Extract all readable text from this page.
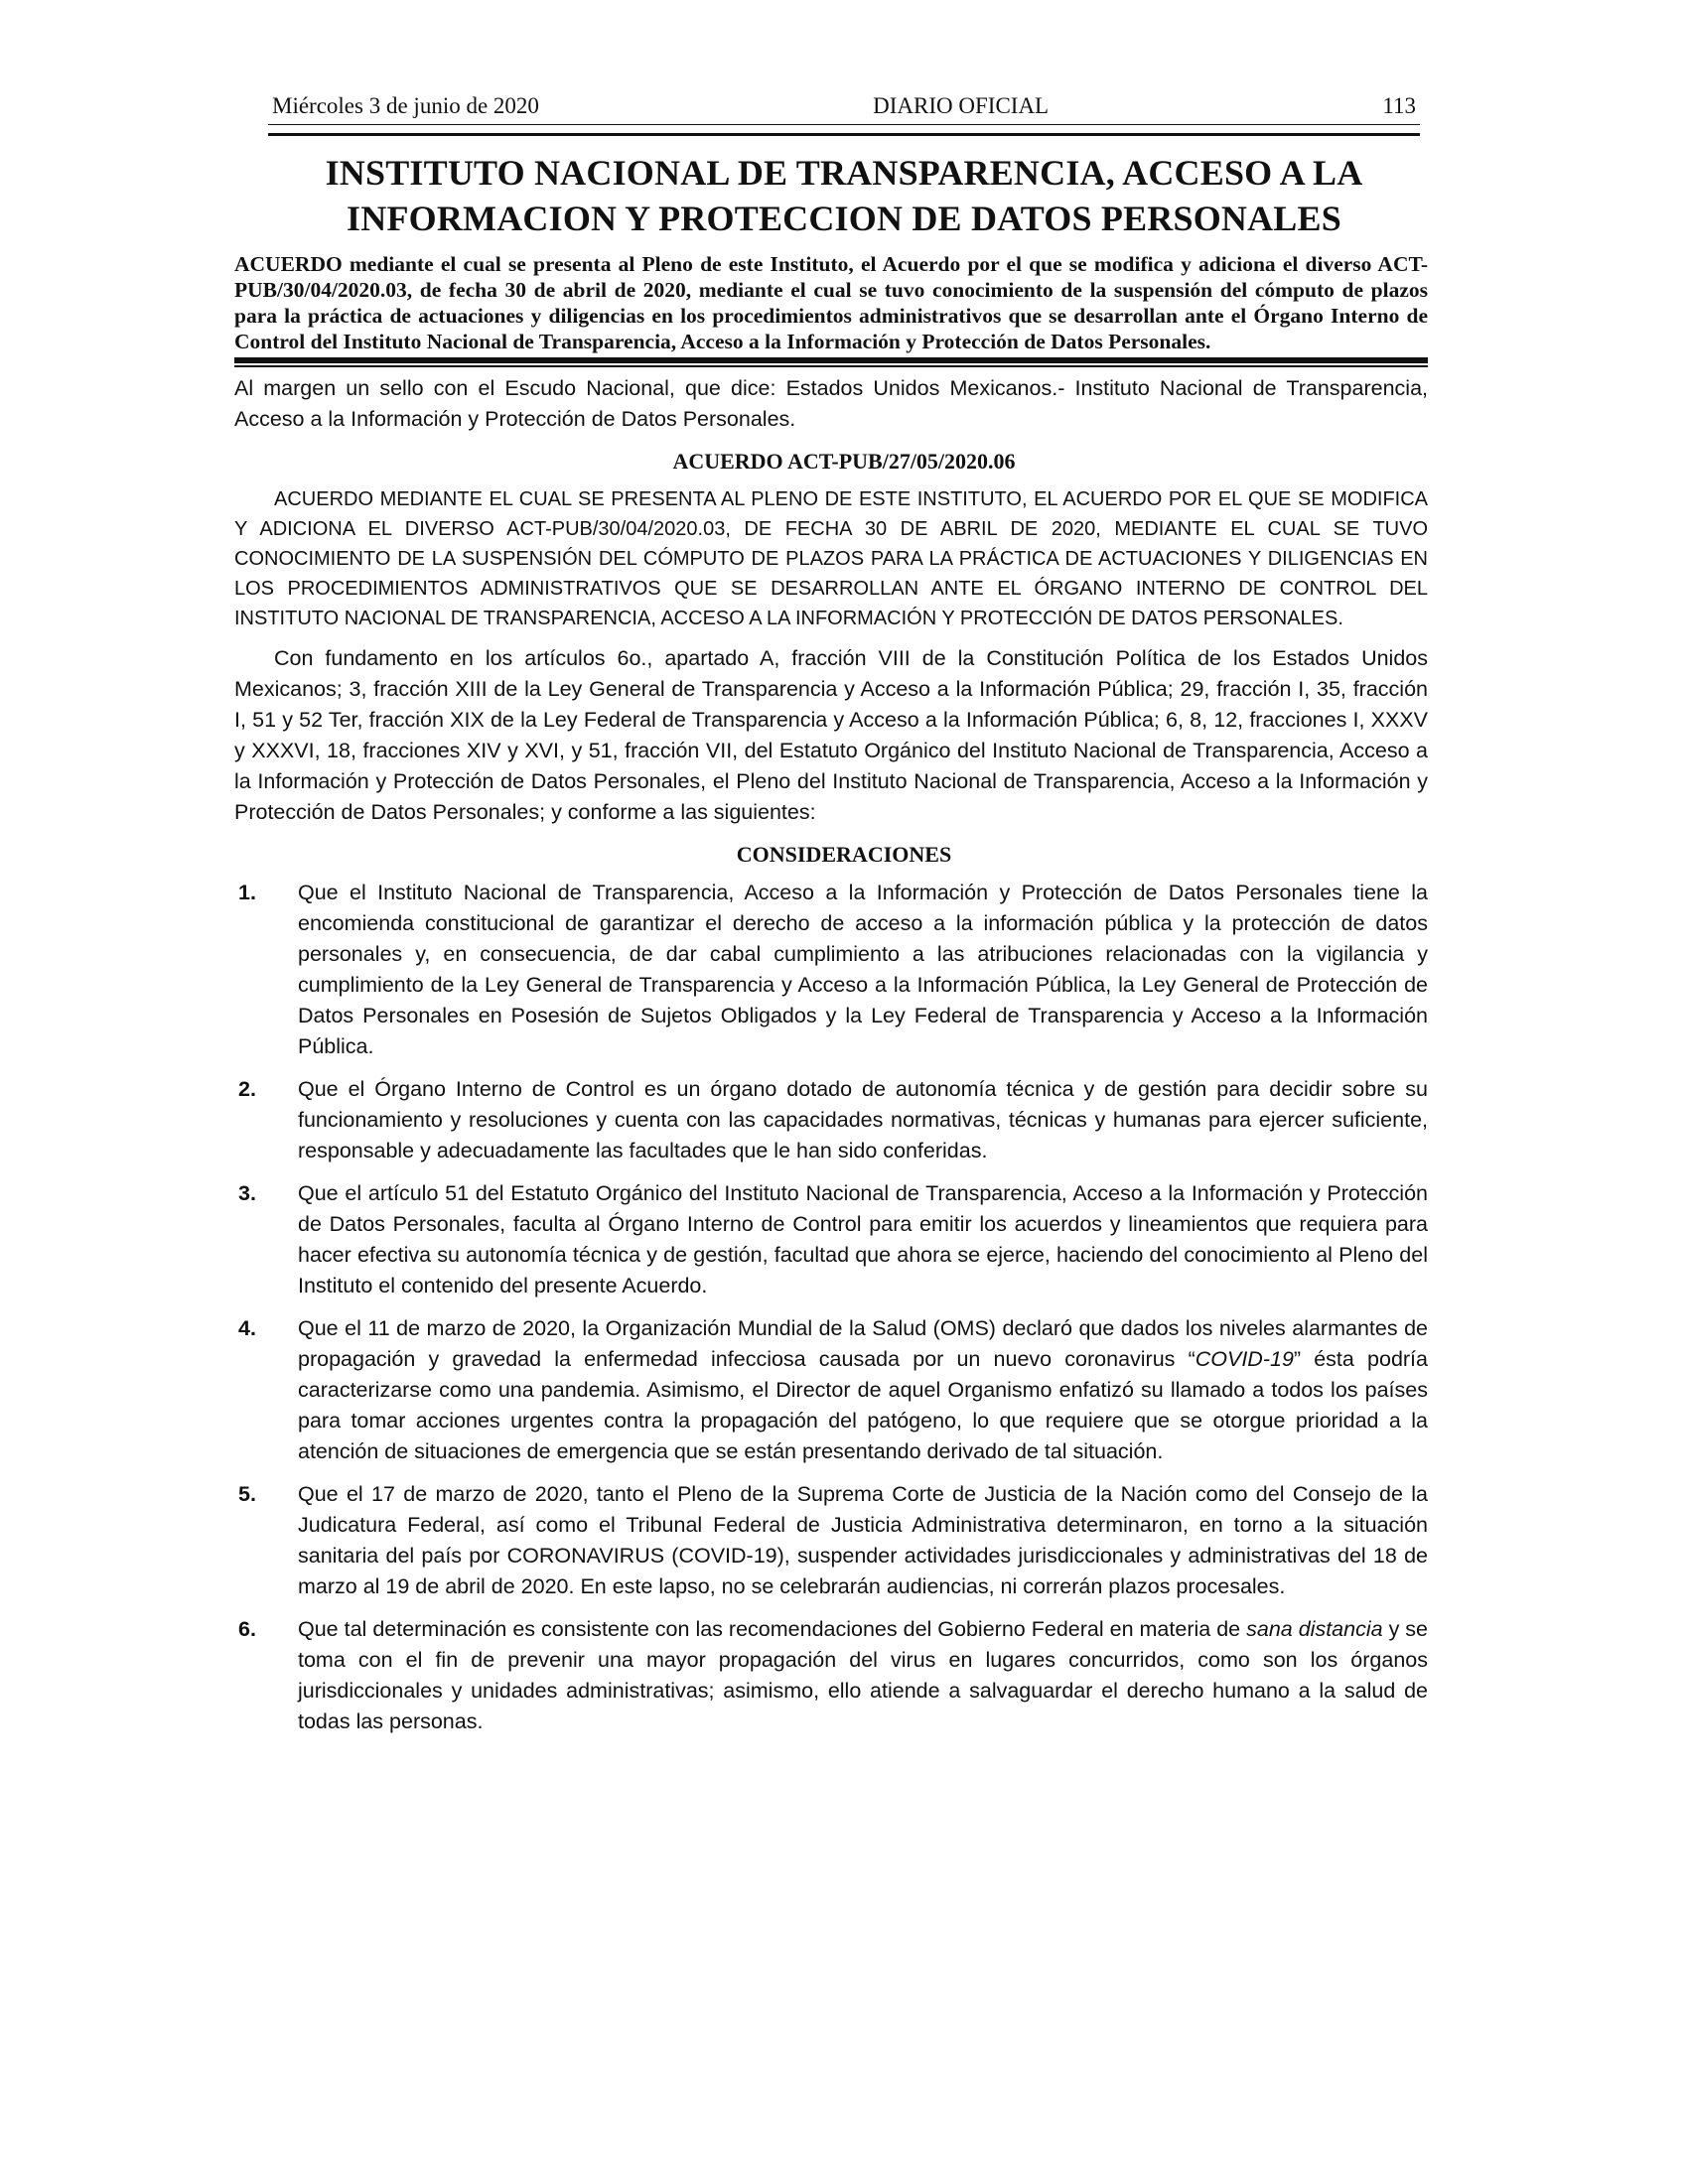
Miércoles 3 de junio de 2020	DIARIO OFICIAL	113
INSTITUTO NACIONAL DE TRANSPARENCIA, ACCESO A LA
INFORMACION Y PROTECCION DE DATOS PERSONALES
ACUERDO mediante el cual se presenta al Pleno de este Instituto, el Acuerdo por el que se modifica y adiciona el diverso ACT-PUB/30/04/2020.03, de fecha 30 de abril de 2020, mediante el cual se tuvo conocimiento de la suspensión del cómputo de plazos para la práctica de actuaciones y diligencias en los procedimientos administrativos que se desarrollan ante el Órgano Interno de Control del Instituto Nacional de Transparencia, Acceso a la Información y Protección de Datos Personales.
Al margen un sello con el Escudo Nacional, que dice: Estados Unidos Mexicanos.- Instituto Nacional de Transparencia, Acceso a la Información y Protección de Datos Personales.
ACUERDO ACT-PUB/27/05/2020.06
ACUERDO MEDIANTE EL CUAL SE PRESENTA AL PLENO DE ESTE INSTITUTO, EL ACUERDO POR EL QUE SE MODIFICA Y ADICIONA EL DIVERSO ACT-PUB/30/04/2020.03, DE FECHA 30 DE ABRIL DE 2020, MEDIANTE EL CUAL SE TUVO CONOCIMIENTO DE LA SUSPENSIÓN DEL CÓMPUTO DE PLAZOS PARA LA PRÁCTICA DE ACTUACIONES Y DILIGENCIAS EN LOS PROCEDIMIENTOS ADMINISTRATIVOS QUE SE DESARROLLAN ANTE EL ÓRGANO INTERNO DE CONTROL DEL INSTITUTO NACIONAL DE TRANSPARENCIA, ACCESO A LA INFORMACIÓN Y PROTECCIÓN DE DATOS PERSONALES.
Con fundamento en los artículos 6o., apartado A, fracción VIII de la Constitución Política de los Estados Unidos Mexicanos; 3, fracción XIII de la Ley General de Transparencia y Acceso a la Información Pública; 29, fracción I, 35, fracción I, 51 y 52 Ter, fracción XIX de la Ley Federal de Transparencia y Acceso a la Información Pública; 6, 8, 12, fracciones I, XXXV y XXXVI, 18, fracciones XIV y XVI, y 51, fracción VII, del Estatuto Orgánico del Instituto Nacional de Transparencia, Acceso a la Información y Protección de Datos Personales, el Pleno del Instituto Nacional de Transparencia, Acceso a la Información y Protección de Datos Personales; y conforme a las siguientes:
CONSIDERACIONES
1.	Que el Instituto Nacional de Transparencia, Acceso a la Información y Protección de Datos Personales tiene la encomienda constitucional de garantizar el derecho de acceso a la información pública y la protección de datos personales y, en consecuencia, de dar cabal cumplimiento a las atribuciones relacionadas con la vigilancia y cumplimiento de la Ley General de Transparencia y Acceso a la Información Pública, la Ley General de Protección de Datos Personales en Posesión de Sujetos Obligados y la Ley Federal de Transparencia y Acceso a la Información Pública.
2.	Que el Órgano Interno de Control es un órgano dotado de autonomía técnica y de gestión para decidir sobre su funcionamiento y resoluciones y cuenta con las capacidades normativas, técnicas y humanas para ejercer suficiente, responsable y adecuadamente las facultades que le han sido conferidas.
3.	Que el artículo 51 del Estatuto Orgánico del Instituto Nacional de Transparencia, Acceso a la Información y Protección de Datos Personales, faculta al Órgano Interno de Control para emitir los acuerdos y lineamientos que requiera para hacer efectiva su autonomía técnica y de gestión, facultad que ahora se ejerce, haciendo del conocimiento al Pleno del Instituto el contenido del presente Acuerdo.
4.	Que el 11 de marzo de 2020, la Organización Mundial de la Salud (OMS) declaró que dados los niveles alarmantes de propagación y gravedad la enfermedad infecciosa causada por un nuevo coronavirus “COVID-19” ésta podría caracterizarse como una pandemia. Asimismo, el Director de aquel Organismo enfatizó su llamado a todos los países para tomar acciones urgentes contra la propagación del patógeno, lo que requiere que se otorgue prioridad a la atención de situaciones de emergencia que se están presentando derivado de tal situación.
5.	Que el 17 de marzo de 2020, tanto el Pleno de la Suprema Corte de Justicia de la Nación como del Consejo de la Judicatura Federal, así como el Tribunal Federal de Justicia Administrativa determinaron, en torno a la situación sanitaria del país por CORONAVIRUS (COVID-19), suspender actividades jurisdiccionales y administrativas del 18 de marzo al 19 de abril de 2020. En este lapso, no se celebrarán audiencias, ni correrán plazos procesales.
6.	Que tal determinación es consistente con las recomendaciones del Gobierno Federal en materia de sana distancia y se toma con el fin de prevenir una mayor propagación del virus en lugares concurridos, como son los órganos jurisdiccionales y unidades administrativas; asimismo, ello atiende a salvaguardar el derecho humano a la salud de todas las personas.
